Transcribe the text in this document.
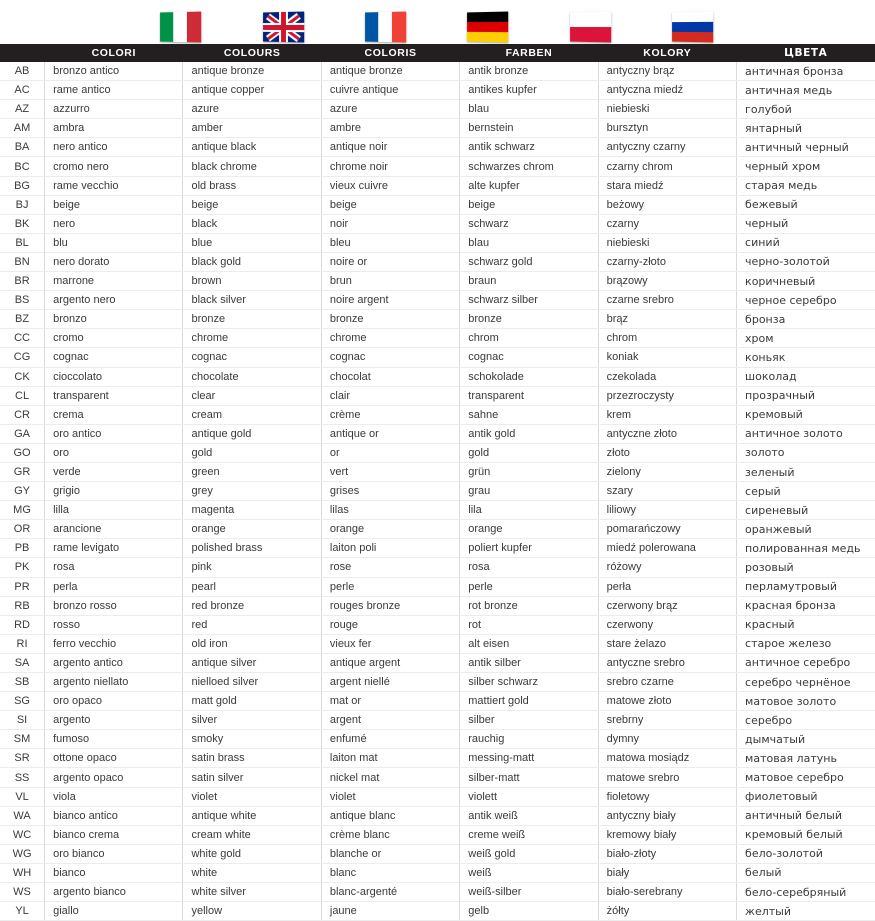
	COLORI	COLOURS	COLORIS	FARBEN	KOLORY	ЦВЕТА
AB	bronzo antico	antique bronze	antique bronze	antik bronze	antyczny brąz	античная бронза
AC	rame antico	antique copper	cuivre antique	antikes kupfer	antyczna miedź	античная медь
AZ	azzurro	azure	azure	blau	niebieski	голубой
AM	ambra	amber	ambre	bernstein	bursztyn	янтарный
BA	nero antico	antique black	antique noir	antik schwarz	antyczny czarny	античный черный
BC	cromo nero	black chrome	chrome noir	schwarzes chrom	czarny chrom	черный хром
BG	rame vecchio	old brass	vieux cuivre	alte kupfer	stara miedź	старая медь
BJ	beige	beige	beige	beige	beżowy	бежевый
BK	nero	black	noir	schwarz	czarny	черный
BL	blu	blue	bleu	blau	niebieski	синий
BN	nero dorato	black gold	noire or	schwarz gold	czarny-złoto	черно-золотой
BR	marrone	brown	brun	braun	brązowy	коричневый
BS	argento nero	black silver	noire argent	schwarz silber	czarne srebro	черное серебро
BZ	bronzo	bronze	bronze	bronze	brąz	бронза
CC	cromo	chrome	chrome	chrom	chrom	хром
CG	cognac	cognac	cognac	cognac	koniak	коньяк
CK	cioccolato	chocolate	chocolat	schokolade	czekolada	шоколад
CL	transparent	clear	clair	transparent	przezroczysty	прозрачный
CR	crema	cream	crème	sahne	krem	кремовый
GA	oro antico	antique gold	antique or	antik gold	antyczne złoto	античное золото
GO	oro	gold	or	gold	złoto	золото
GR	verde	green	vert	grün	zielony	зеленый
GY	grigio	grey	grises	grau	szary	серый
MG	lilla	magenta	lilas	lila	liliowy	сиреневый
OR	arancione	orange	orange	orange	pomarańczowy	оранжевый
PB	rame levigato	polished brass	laiton poli	poliert kupfer	miedź polerowana	полированная медь
PK	rosa	pink	rose	rosa	różowy	розовый
PR	perla	pearl	perle	perle	perła	перламутровый
RB	bronzo rosso	red bronze	rouges bronze	rot bronze	czerwony brąz	красная бронза
RD	rosso	red	rouge	rot	czerwony	красный
RI	ferro vecchio	old iron	vieux fer	alt eisen	stare żelazo	старое железо
SA	argento antico	antique silver	antique argent	antik silber	antyczne srebro	античное серебро
SB	argento niellato	nielloed silver	argent niellé	silber schwarz	srebro czarne	серебро чернёное
SG	oro opaco	matt gold	mat or	mattiert gold	matowe złoto	матовое золото
SI	argento	silver	argent	silber	srebrny	серебро
SM	fumoso	smoky	enfumé	rauchig	dymny	дымчатый
SR	ottone opaco	satin brass	laiton mat	messing-matt	matowa mosiądz	матовая латунь
SS	argento opaco	satin silver	nickel mat	silber-matt	matowe srebro	матовое серебро
VL	viola	violet	violet	violett	fioletowy	фиолетовый
WA	bianco antico	antique white	antique blanc	antik weiß	antyczny biały	античный белый
WC	bianco crema	cream white	crème blanc	creme weiß	kremowy biały	кремовый белый
WG	oro bianco	white gold	blanche or	weiß gold	biało-złoty	бело-золотой
WH	bianco	white	blanc	weiß	biały	белый
WS	argento bianco	white silver	blanc-argenté	weiß-silber	biało-serebrany	бело-серебряный
YL	giallo	yellow	jaune	gelb	żółty	желтый
